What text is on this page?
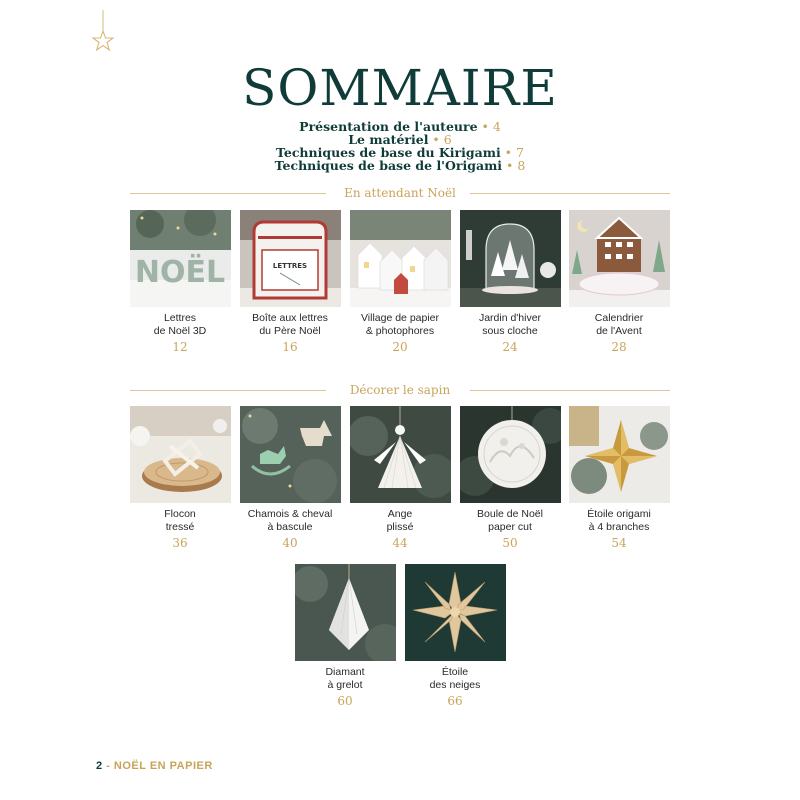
SOMMAIRE
Présentation de l'auteure • 4
Le matériel • 6
Techniques de base du Kirigami • 7
Techniques de base de l'Origami • 8
En attendant Noël
NOËL
Lettres
de Noël 3D
12
LETTRES
Boîte aux lettres
du Père Noël
16
Village de papier
& photophores
20
Jardin d'hiver
sous cloche
24
Calendrier
de l'Avent
28
Décorer le sapin
Flocon
tressé
36
Chamois & cheval
à bascule
40
Ange
plissé
44
Boule de Noël
paper cut
50
Étoile origami
à 4 branches
54
Diamant
à grelot
60
Étoile
des neiges
66
2 - NOËL EN PAPIER
